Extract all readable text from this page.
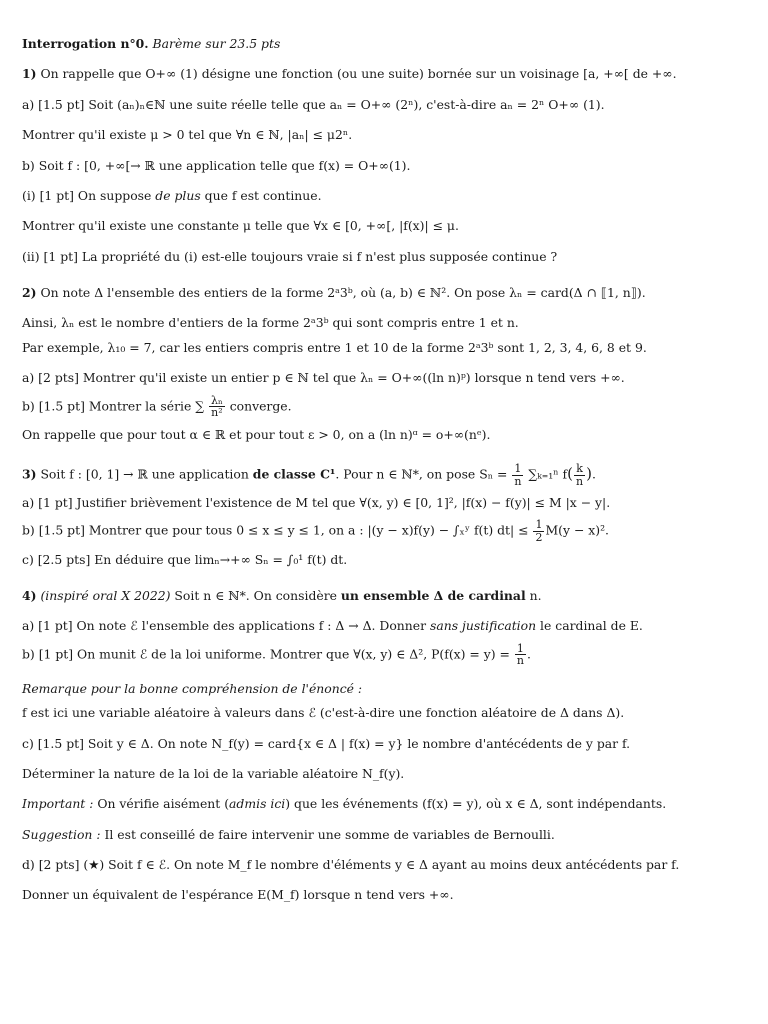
Interrogation n°0. Barème sur 23.5 pts
1) On rappelle que O+∞ (1) désigne une fonction (ou une suite) bornée sur un voisinage [a, +∞[ de +∞.
a) [1.5 pt] Soit (aₙ)ₙ∈ℕ une suite réelle telle que aₙ = O+∞ (2ⁿ), c'est-à-dire aₙ = 2ⁿ O+∞ (1).
Montrer qu'il existe μ > 0 tel que ∀n ∈ ℕ, |aₙ| ≤ μ2ⁿ.
b) Soit f : [0, +∞[→ ℝ une application telle que f(x) = O+∞(1).
(i) [1 pt] On suppose de plus que f est continue.
Montrer qu'il existe une constante μ telle que ∀x ∈ [0, +∞[, |f(x)| ≤ μ.
(ii) [1 pt] La propriété du (i) est-elle toujours vraie si f n'est plus supposée continue ?
2) On note Δ l'ensemble des entiers de la forme 2ᵃ3ᵇ, où (a, b) ∈ ℕ². On pose λₙ = card(Δ ∩ ⟦1, n⟧).
Ainsi, λₙ est le nombre d'entiers de la forme 2ᵃ3ᵇ qui sont compris entre 1 et n.
Par exemple, λ₁₀ = 7, car les entiers compris entre 1 et 10 de la forme 2ᵃ3ᵇ sont 1, 2, 3, 4, 6, 8 et 9.
a) [2 pts] Montrer qu'il existe un entier p ∈ ℕ tel que λₙ = O+∞((ln n)ᵖ) lorsque n tend vers +∞.
b) [1.5 pt] Montrer la série ∑ $\frac{\text{λₙ}}{\text{n²}}$ converge.
On rappelle que pour tout α ∈ ℝ et pour tout ε > 0, on a (ln n)ᵅ = o+∞(nᵉ).
3) Soit f : [0, 1] → ℝ une application de classe C¹. Pour n ∈ ℕ*, on pose $S_n = \frac{1}{n} \sum_{k=1}^n$ $f( \frac{k}{n}$ ).
a) [1 pt] Justifier brièvement l'existence de M tel que ∀(x, y) ∈ [0, 1]², |f(x) − f(y)| ≤ M |x − y|.
b) [1.5 pt] Montrer que pour tous 0 ≤ x ≤ y ≤ 1, on a : |(y − x)f(y) − ∫ₓʸ f(t) $dt| \le \frac{1}{2} M(y - x)^2$.
c) [2.5 pts] En déduire que limₙ→+∞ Sₙ = ∫₀¹ f(t) dt.
4) (inspiré oral X 2022) Soit n ∈ ℕ*. On considère un ensemble Δ de cardinal n.
a) [1 pt] On note ℰ l'ensemble des applications f : Δ → Δ. Donner sans justification le cardinal de E.
b) [1 pt] On munit ℰ de la loi uniforme. Montrer que ∀(x, y) ∈ Δ², $P(f(x) = y) = \frac{1}{n}$ .
Remarque pour la bonne compréhension de l'énoncé :
f est ici une variable aléatoire à valeurs dans ℰ (c'est-à-dire une fonction aléatoire de Δ dans Δ).
c) [1.5 pt] Soit y ∈ Δ. On note N_f(y) = card{x ∈ Δ | f(x) = y} le nombre d'antécédents de y par f.
Déterminer la nature de la loi de la variable aléatoire N_f(y).
Important : On vérifie aisément (admis ici) que les événements (f(x) = y), où x ∈ Δ, sont indépendants.
Suggestion : Il est conseillé de faire intervenir une somme de variables de Bernoulli.
d) [2 pts] (★) Soit f ∈ ℰ. On note M_f le nombre d'éléments y ∈ Δ ayant au moins deux antécédents par f.
Donner un équivalent de l'espérance E(M_f) lorsque n tend vers +∞.
